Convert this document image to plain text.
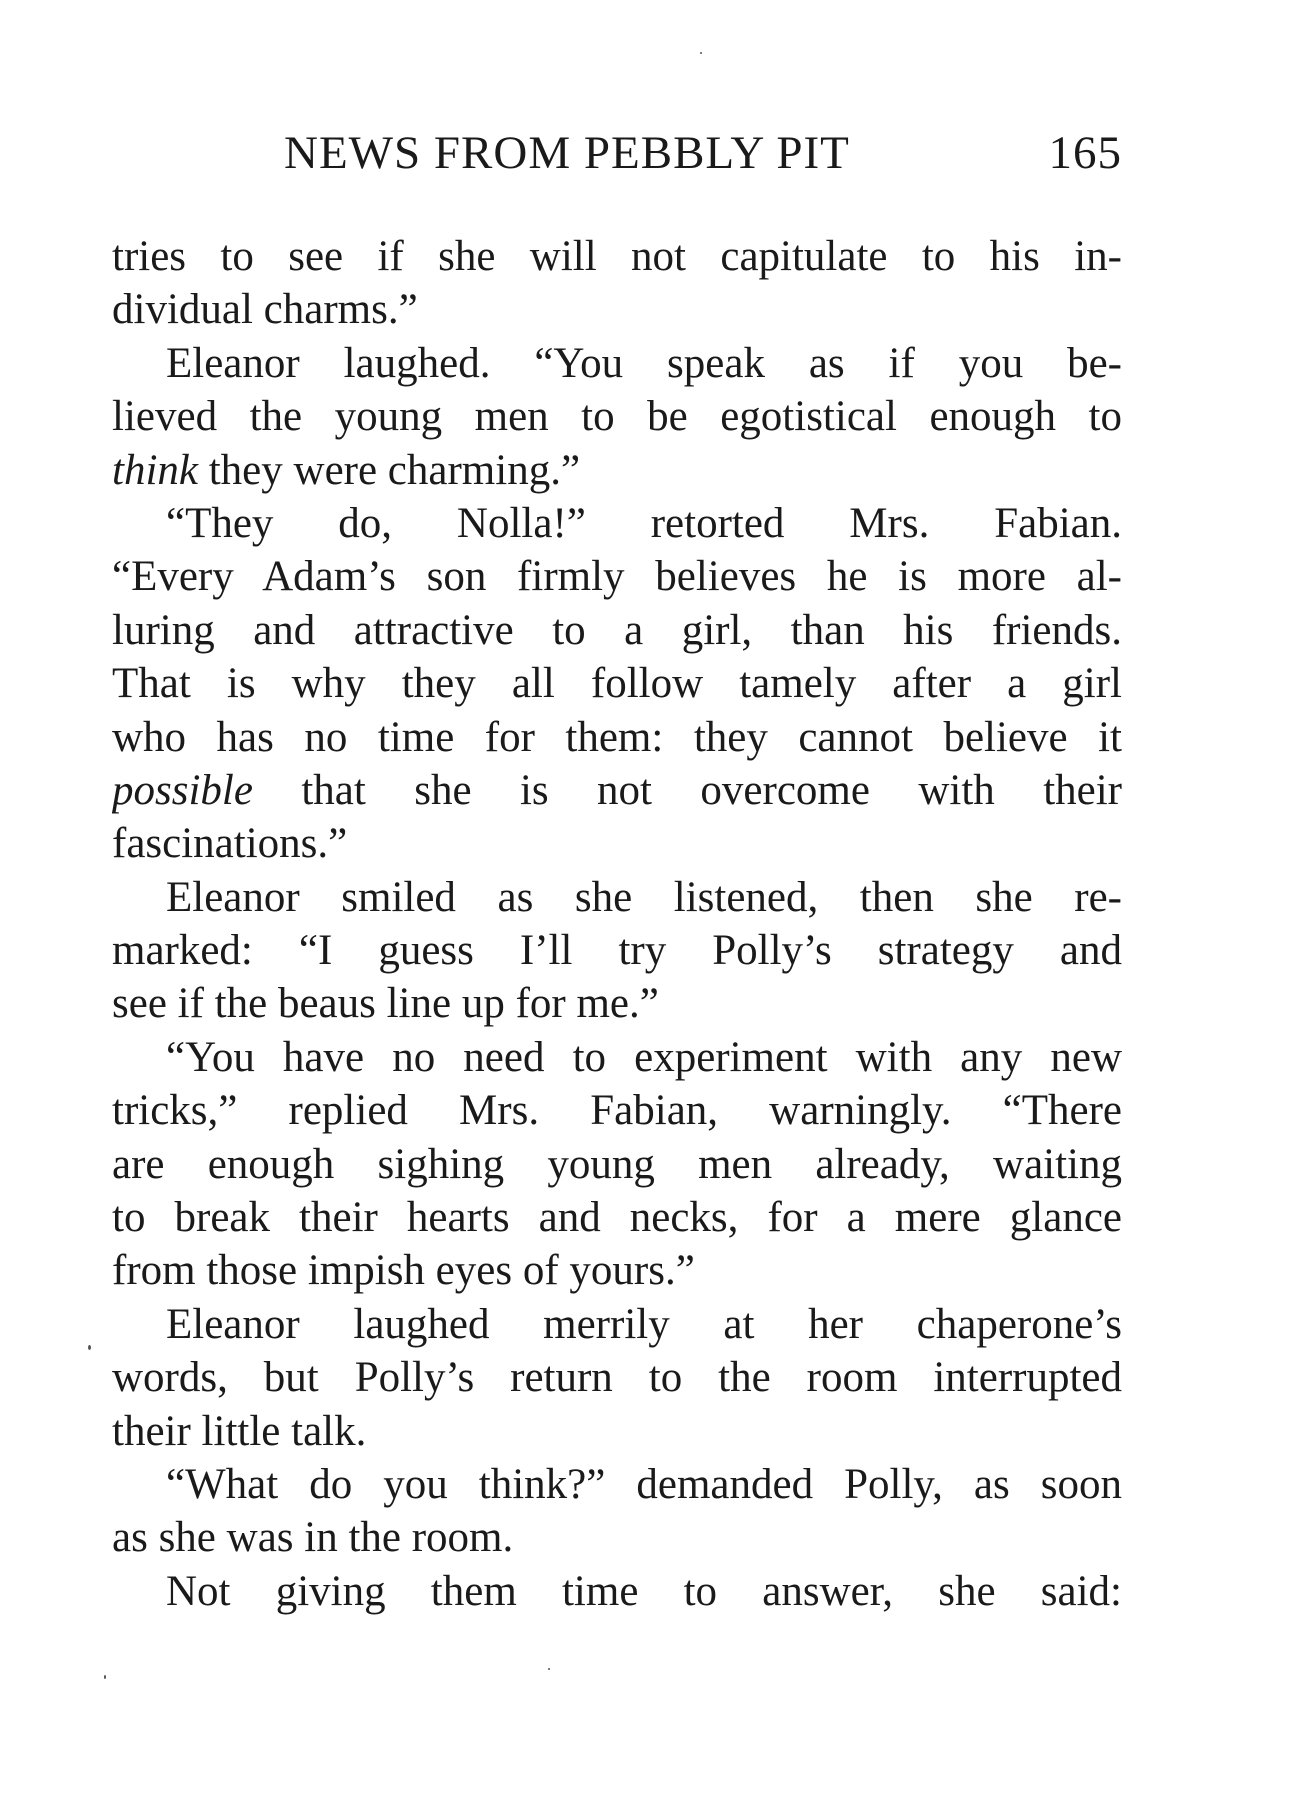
NEWS FROM PEBBLY PIT	165
tries to see if she will not capitulate to his in-
dividual charms.”
Eleanor laughed. “You speak as if you be-
lieved the young men to be egotistical enough to
think they were charming.”
“They do, Nolla!” retorted Mrs. Fabian.
“Every Adam’s son firmly believes he is more al-
luring and attractive to a girl, than his friends.
That is why they all follow tamely after a girl
who has no time for them: they cannot believe it
possible that she is not overcome with their
fascinations.”
Eleanor smiled as she listened, then she re-
marked: “I guess I’ll try Polly’s strategy and
see if the beaus line up for me.”
“You have no need to experiment with any new
tricks,” replied Mrs. Fabian, warningly. “There
are enough sighing young men already, waiting
to break their hearts and necks, for a mere glance
from those impish eyes of yours.”
Eleanor laughed merrily at her chaperone’s
words, but Polly’s return to the room interrupted
their little talk.
“What do you think?” demanded Polly, as soon
as she was in the room.
Not giving them time to answer, she said:
